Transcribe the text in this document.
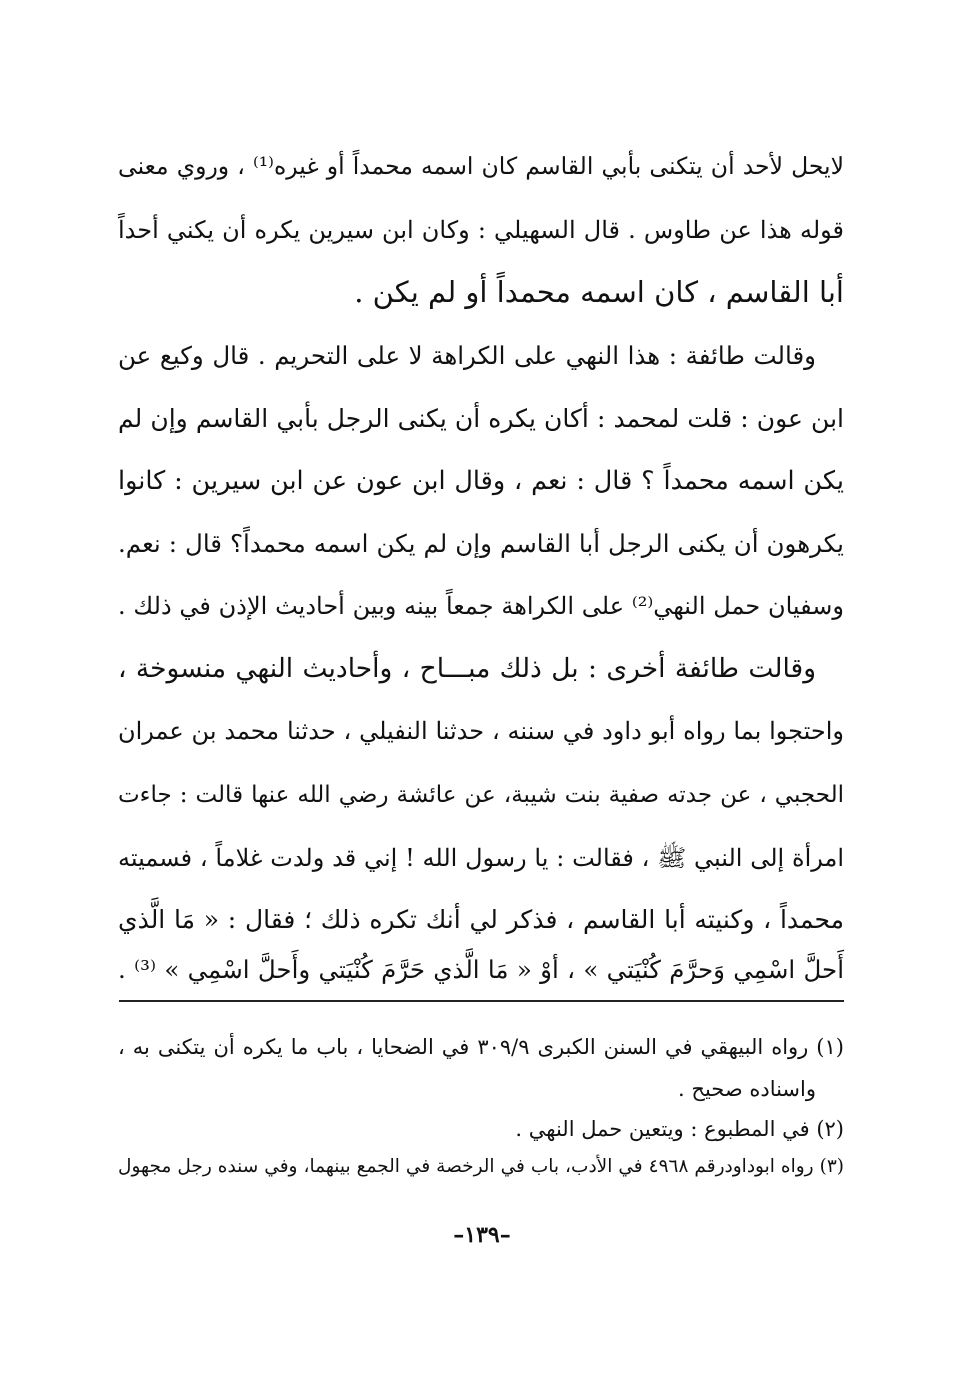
لايحل لأحد أن يتكنى بأبي القاسم كان اسمه محمداً أو غيره⁽¹⁾ ، وروي معنى
قوله هذا عن طاوس . قال السهيلي : وكان ابن سيرين يكره أن يكني أحداً
أبا القاسم ، كان اسمه محمداً أو لم يكن .
وقالت طائفة : هذا النهي على الكراهة لا على التحريم . قال وكيع عن
ابن عون : قلت لمحمد : أكان يكره أن يكنى الرجل بأبي القاسم وإن لم
يكن اسمه محمداً ؟ قال : نعم ، وقال ابن عون عن ابن سيرين : كانوا
يكرهون أن يكنى الرجل أبا القاسم وإن لم يكن اسمه محمداً؟ قال : نعم.
وسفيان حمل النهي⁽²⁾ على الكراهة جمعاً بينه وبين أحاديث الإذن في ذلك .
وقالت طائفة أخرى : بل ذلك مبـــاح ، وأحاديث النهي منسوخة ،
واحتجوا بما رواه أبو داود في سننه ، حدثنا النفيلي ، حدثنا محمد بن عمران
الحجبي ، عن جدته صفية بنت شيبة، عن عائشة رضي الله عنها قالت : جاءت
امرأة إلى النبي ﷺ ، فقالت : يا رسول الله ! إني قد ولدت غلاماً ، فسميته
محمداً ، وكنيته أبا القاسم ، فذكر لي أنك تكره ذلك ؛ فقال : « مَا الَّذي
أَحلَّ اسْمِي وَحرَّمَ كُنْيَتي » ، أوْ « مَا الَّذي حَرَّمَ كُنْيَتي وأَحلَّ اسْمِي » ⁽³⁾ .
(١) رواه البيهقي في السنن الكبرى ٣٠٩/٩ في الضحايا ، باب ما يكره أن يتكنى به ،
واسناده صحيح .
(٢) في المطبوع : ويتعين حمل النهي .
(٣) رواه ابوداودرقم ٤٩٦٨ في الأدب، باب في الرخصة في الجمع بينهما، وفي سنده رجل مجهول
–١٣٩–
